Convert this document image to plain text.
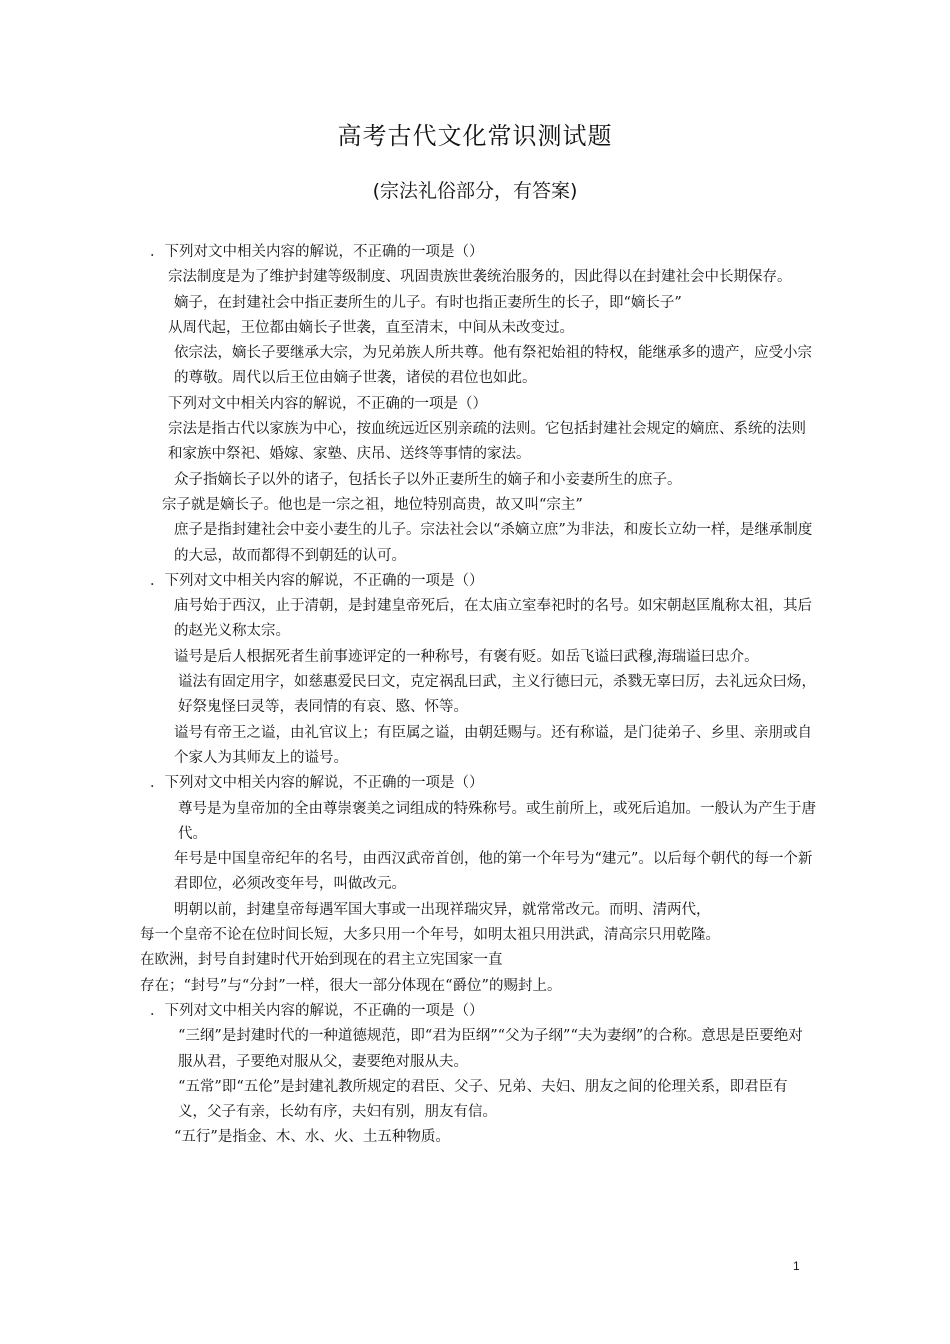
高考古代文化常识测试题
(宗法礼俗部分，有答案)

．下列对文中相关内容的解说，不正确的一项是（）

宗法制度是为了维护封建等级制度、巩固贵族世袭统治服务的，因此得以在封建社会中长期保存。

嫡子，在封建社会中指正妻所生的儿子。有时也指正妻所生的长子，即“嫡长子”

从周代起，王位都由嫡长子世袭，直至清末，中间从未改变过。

依宗法，嫡长子要继承大宗，为兄弟族人所共尊。他有祭祀始祖的特权，能继承多的遗产，应受小宗的尊敬。周代以后王位由嫡子世袭，诸侯的君位也如此。

下列对文中相关内容的解说，不正确的一项是（）

宗法是指古代以家族为中心，按血统远近区别亲疏的法则。它包括封建社会规定的嫡庶、系统的法则和家族中祭祀、婚嫁、家塾、庆吊、送终等事情的家法。

众子指嫡长子以外的诸子，包括长子以外正妻所生的嫡子和小妾妻所生的庶子。

宗子就是嫡长子。他也是一宗之祖，地位特别高贵，故又叫“宗主”

庶子是指封建社会中妾小妻生的儿子。宗法社会以“杀嫡立庶”为非法，和废长立幼一样，是继承制度的大忌，故而都得不到朝廷的认可。

．下列对文中相关内容的解说，不正确的一项是（）

庙号始于西汉，止于清朝，是封建皇帝死后，在太庙立室奉祀时的名号。如宋朝赵匡胤称太祖，其后的赵光义称太宗。

谥号是后人根据死者生前事迹评定的一种称号，有褒有贬。如岳飞谥曰武穆,海瑞谥曰忠介。

谥法有固定用字，如慈惠爱民曰文，克定祸乱曰武，主义行德曰元，杀戮无辜曰厉，去礼远众曰炀，好祭鬼怪曰灵等，表同情的有哀、愍、怀等。

谥号有帝王之谥，由礼官议上；有臣属之谥，由朝廷赐与。还有称谥，是门徒弟子、乡里、亲朋或自个家人为其师友上的谥号。

．下列对文中相关内容的解说，不正确的一项是（）

尊号是为皇帝加的全由尊崇褒美之词组成的特殊称号。或生前所上，或死后追加。一般认为产生于唐代。

年号是中国皇帝纪年的名号，由西汉武帝首创，他的第一个年号为“建元”。以后每个朝代的每一个新君即位，必须改变年号，叫做改元。

明朝以前，封建皇帝每遇军国大事或一出现祥瑞灾异，就常常改元。而明、清两代，

每一个皇帝不论在位时间长短，大多只用一个年号，如明太祖只用洪武，清高宗只用乾隆。

在欧洲，封号自封建时代开始到现在的君主立宪国家一直

存在；“封号”与“分封”一样，很大一部分体现在“爵位”的赐封上。

．下列对文中相关内容的解说，不正确的一项是（）

“三纲”是封建时代的一种道德规范，即“君为臣纲”“父为子纲”“夫为妻纲”的合称。意思是臣要绝对服从君，子要绝对服从父，妻要绝对服从夫。

“五常”即“五伦”是封建礼教所规定的君臣、父子、兄弟、夫妇、朋友之间的伦理关系，即君臣有义，父子有亲，长幼有序，夫妇有别，朋友有信。

“五行”是指金、木、水、火、土五种物质。

1
